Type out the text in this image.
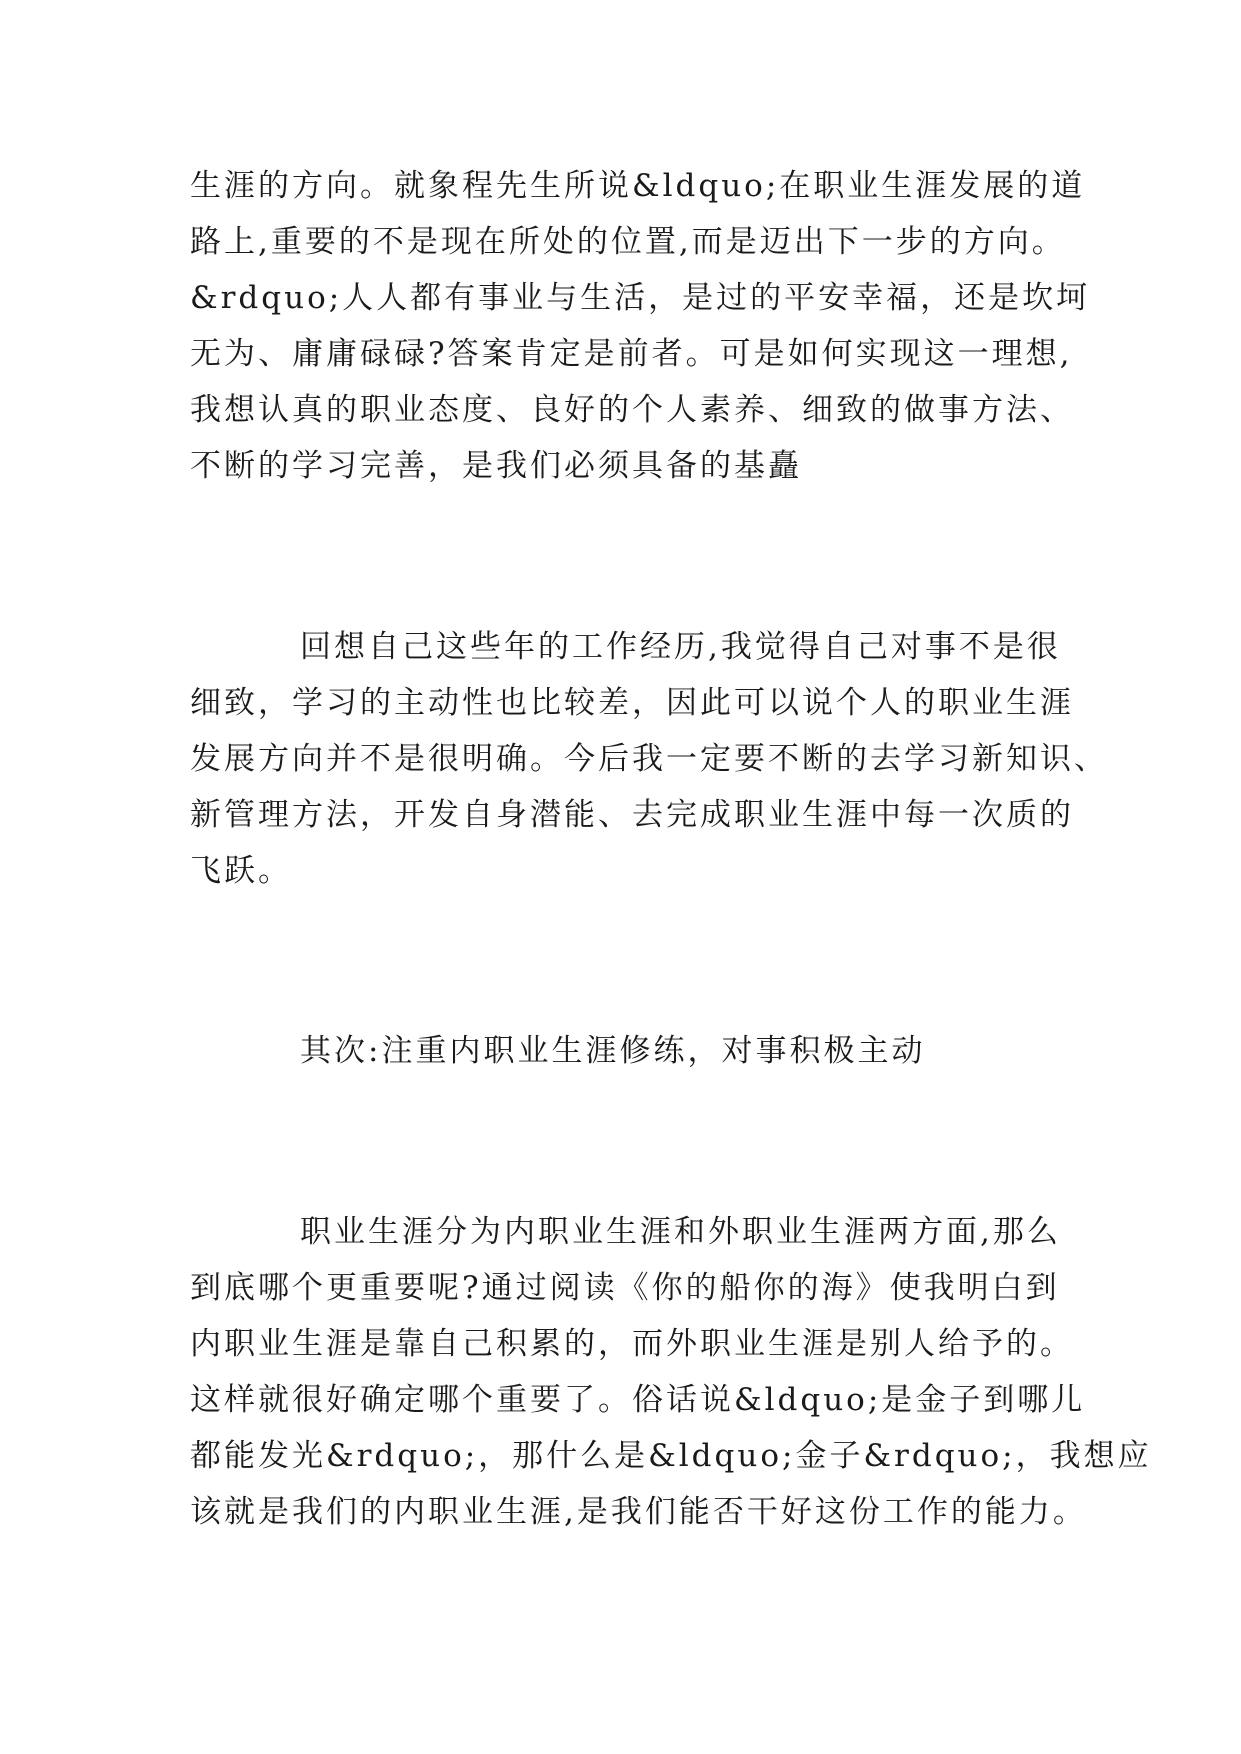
生涯的方向。就象程先生所说&ldquo;在职业生涯发展的道
路上,重要的不是现在所处的位置,而是迈出下一步的方向。
&rdquo;人人都有事业与生活，是过的平安幸福，还是坎坷
无为、庸庸碌碌?答案肯定是前者。可是如何实现这一理想,
我想认真的职业态度、良好的个人素养、细致的做事方法、
不断的学习完善，是我们必须具备的基矗
回想自己这些年的工作经历,我觉得自己对事不是很
细致，学习的主动性也比较差，因此可以说个人的职业生涯
发展方向并不是很明确。今后我一定要不断的去学习新知识、
新管理方法，开发自身潜能、去完成职业生涯中每一次质的
飞跃。
其次:注重内职业生涯修练，对事积极主动
职业生涯分为内职业生涯和外职业生涯两方面,那么
到底哪个更重要呢?通过阅读《你的船你的海》使我明白到
内职业生涯是靠自己积累的，而外职业生涯是别人给予的。
这样就很好确定哪个重要了。俗话说&ldquo;是金子到哪儿
都能发光&rdquo;，那什么是&ldquo;金子&rdquo;，我想应
该就是我们的内职业生涯,是我们能否干好这份工作的能力。
